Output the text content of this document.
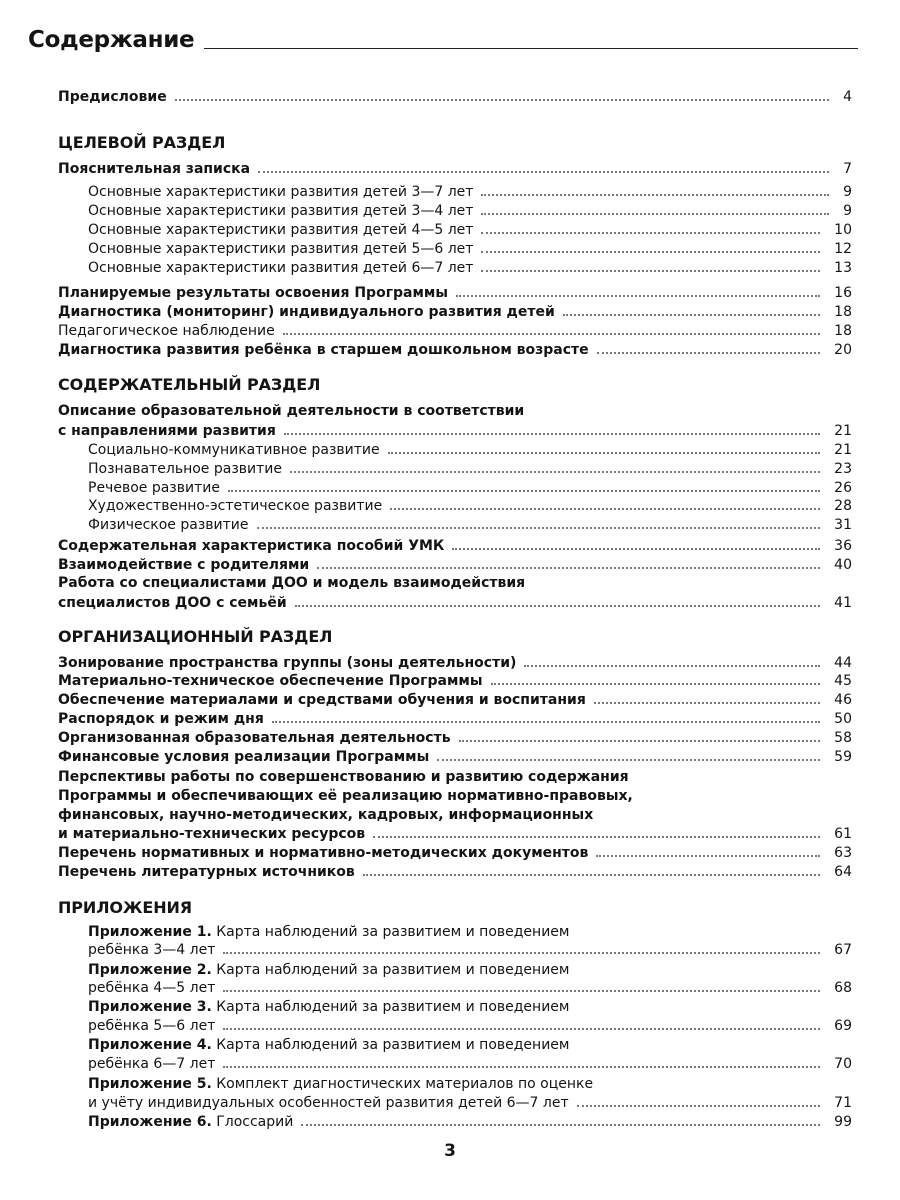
Содержание
Предисловие	4
ЦЕЛЕВОЙ РАЗДЕЛ
Пояснительная записка	7
Основные характеристики развития детей 3—7 лет	9
Основные характеристики развития детей 3—4 лет	9
Основные характеристики развития детей 4—5 лет	10
Основные характеристики развития детей 5—6 лет	12
Основные характеристики развития детей 6—7 лет	13
Планируемые результаты освоения Программы	16
Диагностика (мониторинг) индивидуального развития детей	18
Педагогическое наблюдение	18
Диагностика развития ребёнка в старшем дошкольном возрасте	20
СОДЕРЖАТЕЛЬНЫЙ РАЗДЕЛ
Описание образовательной деятельности в соответствии
с направлениями развития	21
Социально-коммуникативное развитие	21
Познавательное развитие	23
Речевое развитие	26
Художественно-эстетическое развитие	28
Физическое развитие	31
Содержательная характеристика пособий УМК	36
Взаимодействие с родителями	40
Работа со специалистами ДОО и модель взаимодействия
специалистов ДОО с семьёй	41
ОРГАНИЗАЦИОННЫЙ РАЗДЕЛ
Зонирование пространства группы (зоны деятельности)	44
Материально-техническое обеспечение Программы	45
Обеспечение материалами и средствами обучения и воспитания	46
Распорядок и режим дня	50
Организованная образовательная деятельность	58
Финансовые условия реализации Программы	59
Перспективы работы по совершенствованию и развитию содержания
Программы и обеспечивающих её реализацию нормативно-правовых,
финансовых, научно-методических, кадровых, информационных
и материально-технических ресурсов	61
Перечень нормативных и нормативно-методических документов	63
Перечень литературных источников	64
ПРИЛОЖЕНИЯ
Приложение 1. Карта наблюдений за развитием и поведением
ребёнка 3—4 лет	67
Приложение 2. Карта наблюдений за развитием и поведением
ребёнка 4—5 лет	68
Приложение 3. Карта наблюдений за развитием и поведением
ребёнка 5—6 лет	69
Приложение 4. Карта наблюдений за развитием и поведением
ребёнка 6—7 лет	70
Приложение 5. Комплект диагностических материалов по оценке
и учёту индивидуальных особенностей развития детей 6—7 лет	71
Приложение 6. Глоссарий	99
3
